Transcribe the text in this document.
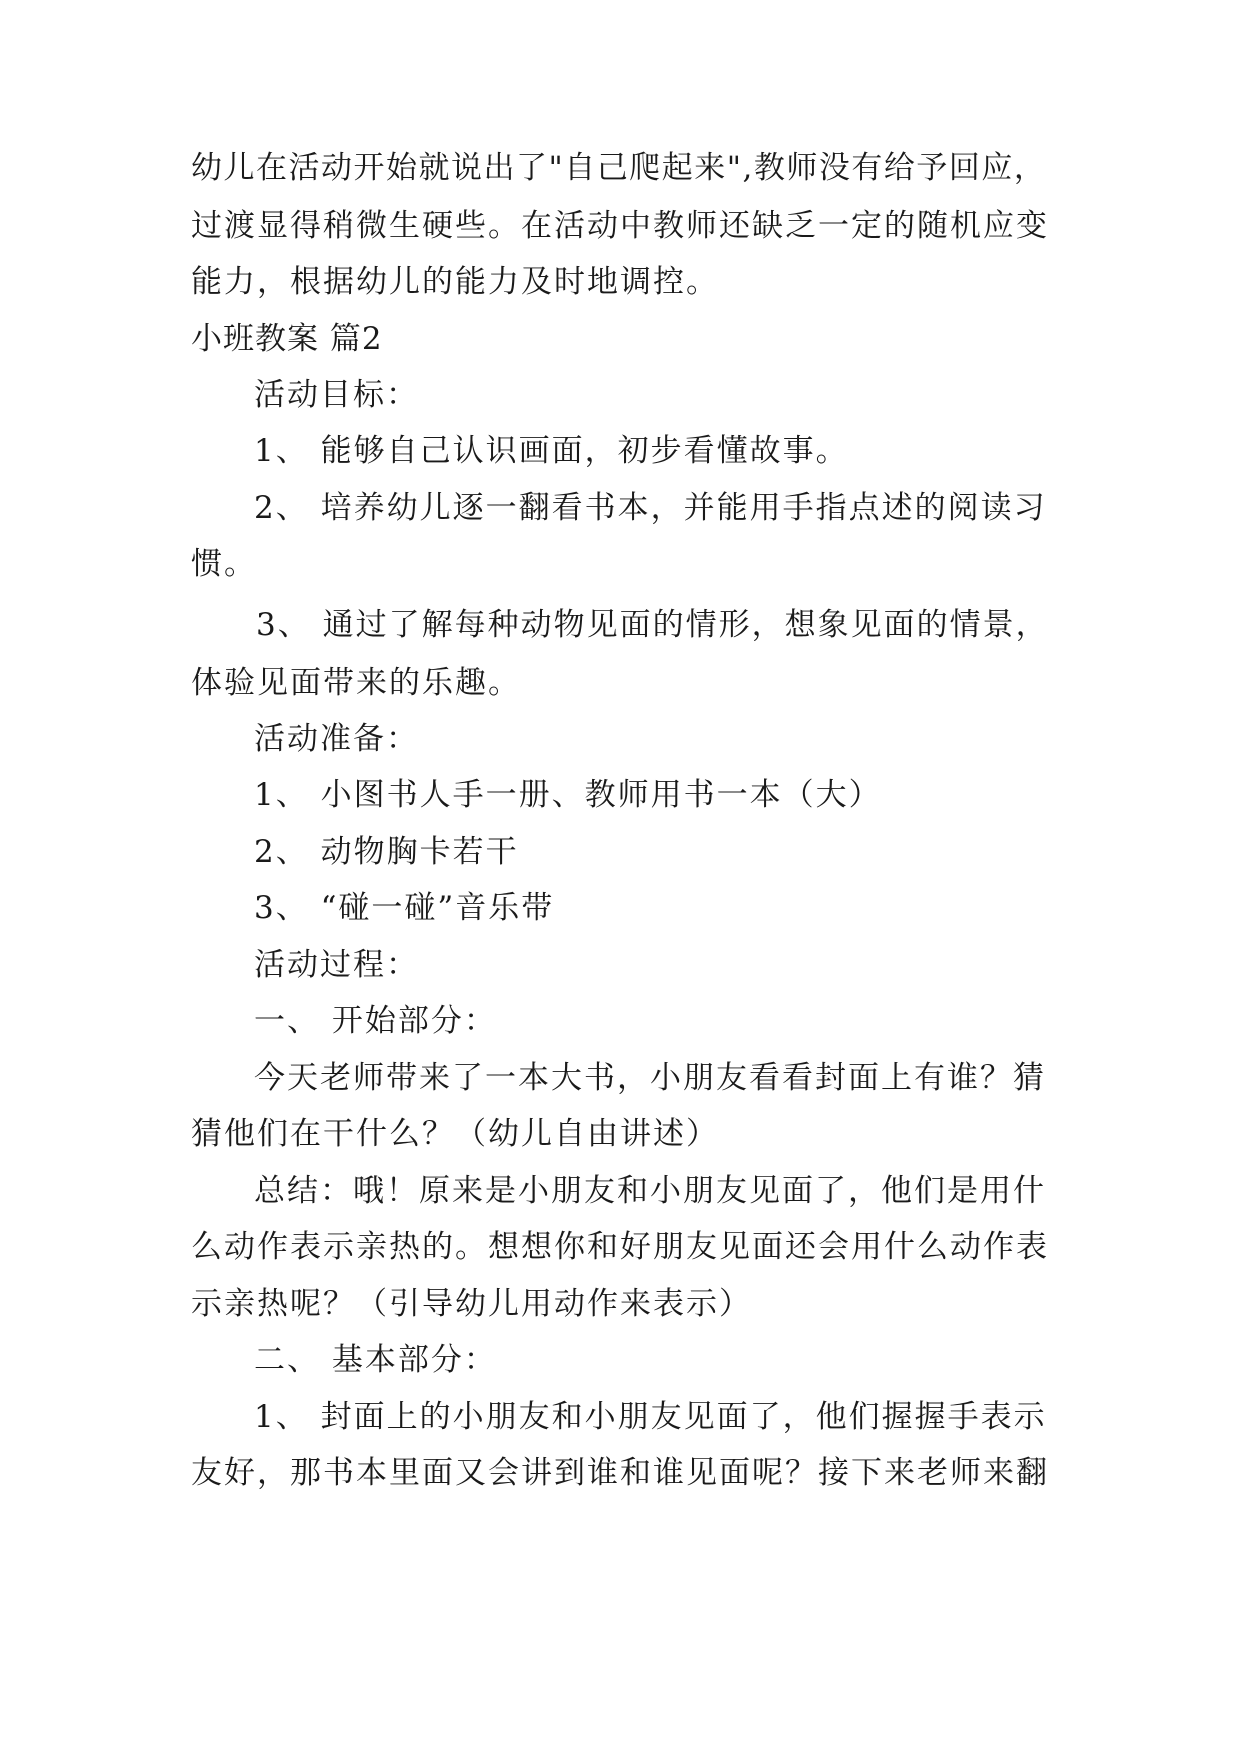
幼儿在活动开始就说出了"自己爬起来",教师没有给予回应，
过渡显得稍微生硬些。在活动中教师还缺乏一定的随机应变
能力，根据幼儿的能力及时地调控。
小班教案 篇2
活动目标：
1、 能够自己认识画面，初步看懂故事。
2、 培养幼儿逐一翻看书本，并能用手指点述的阅读习
惯。
3、 通过了解每种动物见面的情形，想象见面的情景，
体验见面带来的乐趣。
活动准备：
1、 小图书人手一册、教师用书一本（大）
2、 动物胸卡若干
3、 “碰一碰”音乐带
活动过程：
一、 开始部分：
今天老师带来了一本大书，小朋友看看封面上有谁？猜
猜他们在干什么？（幼儿自由讲述）
总结：哦！原来是小朋友和小朋友见面了，他们是用什
么动作表示亲热的。想想你和好朋友见面还会用什么动作表
示亲热呢？（引导幼儿用动作来表示）
二、 基本部分：
1、 封面上的小朋友和小朋友见面了，他们握握手表示
友好，那书本里面又会讲到谁和谁见面呢？接下来老师来翻
